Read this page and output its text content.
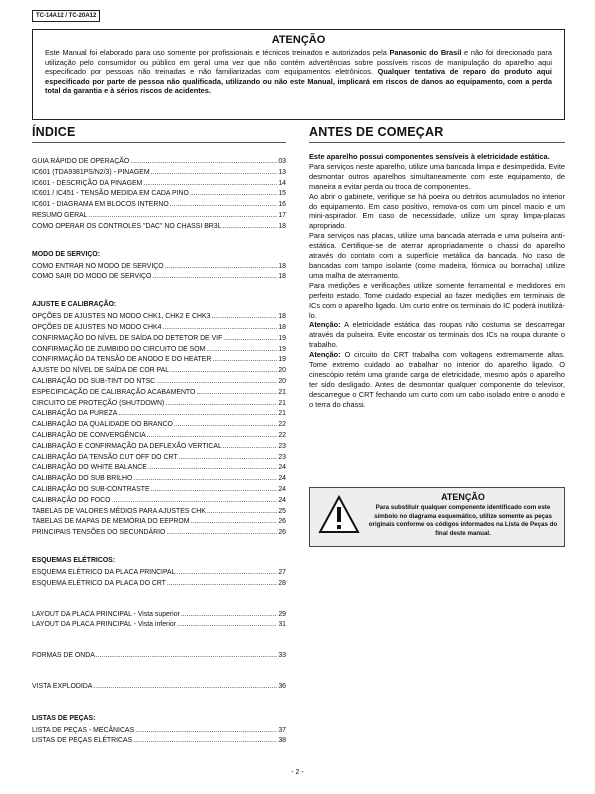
TC-14A12 / TC-20A12
ATENÇÃO

Este Manual foi elaborado para uso somente por profissionais e técnicos treinados e autorizados pela Panasonic do Brasil e não foi direcionado para utilização pelo consumidor ou público em geral uma vez que não contém advertências sobre possíveis riscos de manipulação do aparelho aqui especificado por pessoas não treinadas e não familiarizadas com equipamentos eletrônicos. Qualquer tentativa de reparo do produto aqui especificado por parte de pessoa não qualificada, utilizando ou não este Manual, implicará em riscos de danos ao equipamento, com a perda total da garantia e à sérios riscos de acidentes.

ÍNDICE
GUIA RÁPIDO DE OPERAÇÃO .....	03
IC601 (TDA9381PS/N2/3) - PINAGEM .....	13
IC601 - DESCRIÇÃO DA PINAGEM .....	14
IC601 / IC451 - TENSÃO MEDIDA EM CADA PINO .....	15
IC601 - DIAGRAMA EM BLOCOS INTERNO .....	16
RESUMO GERAL .....	17
COMO OPERAR OS CONTROLES "DAC" NO CHASSI BR3L .....	18
MODO DE SERVIÇO:
COMO ENTRAR NO MODO DE SERVIÇO .....	18
COMO SAIR DO MODO DE SERVIÇO .....	18
AJUSTE E CALIBRAÇÃO:
OPÇÕES DE AJUSTES NO MODO CHK1, CHK2 E CHK3 .....	18
OPÇÕES DE AJUSTES NO MODO CHK4 .....	18
CONFIRMAÇÃO DO NÍVEL DE SAÍDA DO DETETOR DE VIF .....	19
CONFIRMAÇÃO DE ZUMBIDO DO CIRCUITO DE SOM .....	19
CONFIRMAÇÃO DA TENSÃO DE ANODO E DO HEATER .....	19
AJUSTE DO NÍVEL DE SAÍDA DE COR PAL .....	20
CALIBRAÇÃO DO SUB-TINT DO NTSC .....	20
ESPECIFICAÇÃO DE CALIBRAÇÃO ACABAMENTO .....	21
CIRCUITO DE PROTEÇÃO (SHUTDOWN) .....	21
CALIBRAÇÃO DA PUREZA .....	21
CALIBRAÇÃO DA QUALIDADE DO BRANCO .....	22
CALIBRAÇÃO DE CONVERGÊNCIA .....	22
CALIBRAÇÃO E CONFIRMAÇÃO DA DEFLEXÃO VERTICAL .....	23
CALIBRAÇÃO DA TENSÃO CUT OFF DO CRT .....	23
CALIBRAÇÃO DO WHITE BALANCE .....	24
CALIBRAÇÃO DO SUB BRILHO .....	24
CALIBRAÇÃO DO SUB-CONTRASTE .....	24
CALIBRAÇÃO DO FOCO .....	24
TABELAS DE VALORES MÉDIOS PARA AJUSTES CHK .....	25
TABELAS DE MAPAS DE MEMÓRIA DO EEPROM .....	26
PRINCIPAIS TENSÕES DO SECUNDÁRIO .....	26
ESQUEMAS ELÉTRICOS:
ESQUEMA ELÉTRICO DA PLACA PRINCIPAL .....	27
ESQUEMA ELÉTRICO DA PLACA DO CRT .....	28
LAYOUT DA PLACA PRINCIPAL - Vista superior .....	29
LAYOUT DA PLACA PRINCIPAL - Vista inferior .....	31
FORMAS DE ONDA .....	33
VISTA EXPLODIDA .....	36
LISTAS DE PEÇAS:
LISTA DE PEÇAS - MECÂNICAS .....	37
LISTAS DE PEÇAS ELÉTRICAS .....	38
ANTES DE COMEÇAR

Este aparelho possui componentes sensíveis à eletricidade estática.

Para serviços neste aparelho, utilize uma bancada limpa e desimpedida. Evite desmontar outros aparelhos simultaneamente com este equipamento, de maneira a evitar perda ou troca de componentes.

Ao abrir o gabinete, verifique se há poeira ou detritos acumulados no interior do equipamento. Em caso positivo, remova-os com um pincel macio e um mini-aspirador. Em caso de necessidade, utilize um spray limpa-placas apropriado.

Para serviços nas placas, utilize uma bancada aterrada e uma pulseira anti-estática. Certifique-se de aterrar apropriadamente o chassi do aparelho através do contato com a superfície metálica da bancada. No caso de bancadas com tampo isolante (como madeira, fórmica ou borracha) utilize uma malha de aterramento.

Para medições e verificações utilize somente ferramental e medidores em perfeito estado. Tome cuidado especial ao fazer medições em terminais de ICs com o aparelho ligado. Um curto entre os terminais do IC poderá inutilizá-lo.

Atenção: A eletricidade estática das roupas não costuma se descarregar através da pulseira. Evite encostar os terminais dos ICs na roupa durante o trabalho.

Atenção: O circuito do CRT trabalha com voltagens extremamente altas. Tome extremo cuidado ao trabalhar no interior do aparelho ligado. O cinescópio retém uma grande carga de eletricidade, mesmo após o aparelho ter sido desligado. Antes de desmontar qualquer componente do televisor, descarregue o CRT fechando um curto com um cabo isolado entre o anodo e o terra do chassi.

ATENÇÃO
Para substituir qualquer componente identificado com este símbolo no diagrama esquemático, utilize somente as peças originais conforme os códigos informados na Lista de Peças do final deste manual.
- 2 -
